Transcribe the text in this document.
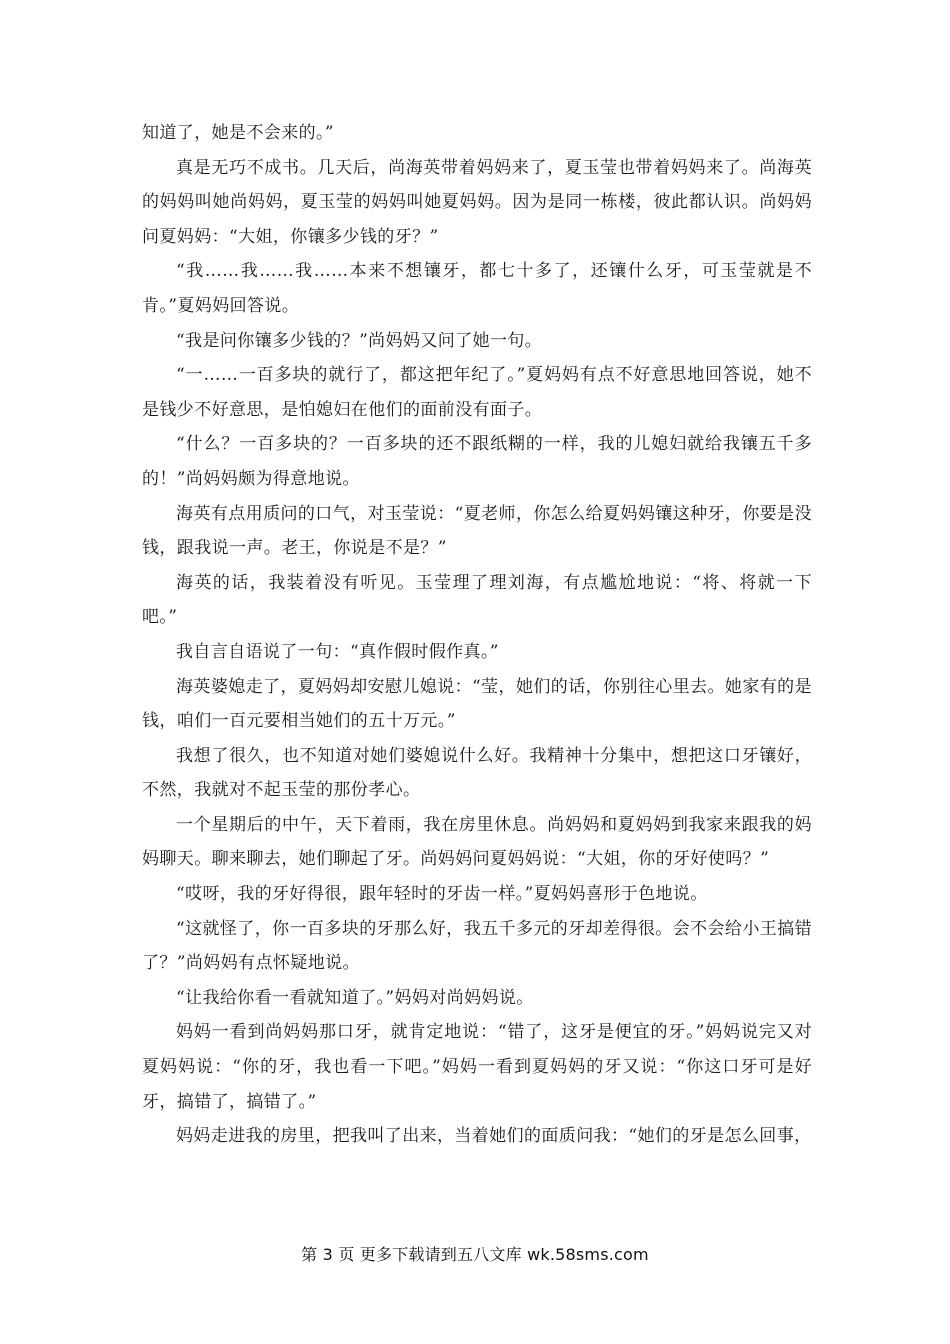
知道了，她是不会来的。”

真是无巧不成书。几天后，尚海英带着妈妈来了，夏玉莹也带着妈妈来了。尚海英的妈妈叫她尚妈妈，夏玉莹的妈妈叫她夏妈妈。因为是同一栋楼，彼此都认识。尚妈妈问夏妈妈：“大姐，你镶多少钱的牙？”

“我……我……我……本来不想镶牙，都七十多了，还镶什么牙，可玉莹就是不肯。”夏妈妈回答说。

“我是问你镶多少钱的？”尚妈妈又问了她一句。

“一……一百多块的就行了，都这把年纪了。”夏妈妈有点不好意思地回答说，她不是钱少不好意思，是怕媳妇在他们的面前没有面子。

“什么？一百多块的？一百多块的还不跟纸糊的一样，我的儿媳妇就给我镶五千多的！”尚妈妈颇为得意地说。

海英有点用质问的口气，对玉莹说：“夏老师，你怎么给夏妈妈镶这种牙，你要是没钱，跟我说一声。老王，你说是不是？”

海英的话，我装着没有听见。玉莹理了理刘海，有点尴尬地说：“将、将就一下吧。”

我自言自语说了一句：“真作假时假作真。”

海英婆媳走了，夏妈妈却安慰儿媳说：“莹，她们的话，你别往心里去。她家有的是钱，咱们一百元要相当她们的五十万元。”

我想了很久，也不知道对她们婆媳说什么好。我精神十分集中，想把这口牙镶好，不然，我就对不起玉莹的那份孝心。

一个星期后的中午，天下着雨，我在房里休息。尚妈妈和夏妈妈到我家来跟我的妈妈聊天。聊来聊去，她们聊起了牙。尚妈妈问夏妈妈说：“大姐，你的牙好使吗？”

“哎呀，我的牙好得很，跟年轻时的牙齿一样。”夏妈妈喜形于色地说。

“这就怪了，你一百多块的牙那么好，我五千多元的牙却差得很。会不会给小王搞错了？”尚妈妈有点怀疑地说。

“让我给你看一看就知道了。”妈妈对尚妈妈说。

妈妈一看到尚妈妈那口牙，就肯定地说：“错了，这牙是便宜的牙。”妈妈说完又对夏妈妈说：“你的牙，我也看一下吧。”妈妈一看到夏妈妈的牙又说：“你这口牙可是好牙，搞错了，搞错了。”

妈妈走进我的房里，把我叫了出来，当着她们的面质问我：“她们的牙是怎么回事，

第 3 页 更多下载请到五八文库 wk.58sms.com
